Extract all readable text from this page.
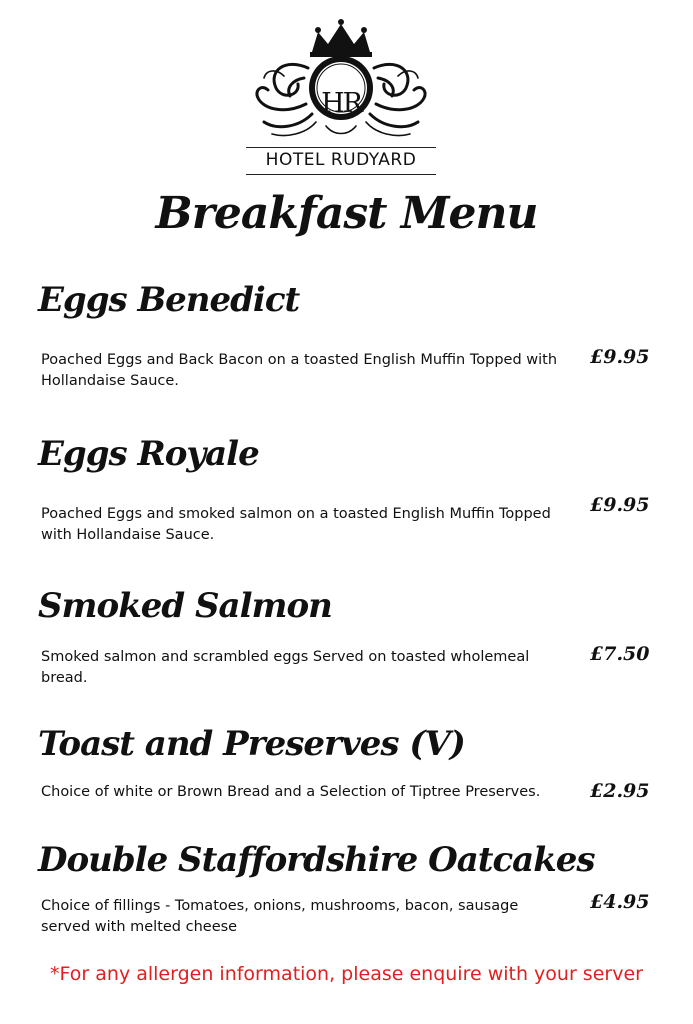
HR
HOTEL RUDYARD
Breakfast Menu
Eggs Benedict
Poached Eggs and Back Bacon on a toasted English Muffin Topped with Hollandaise Sauce.
£9.95
Eggs Royale
Poached Eggs and smoked salmon on a toasted English Muffin Topped with Hollandaise Sauce.
£9.95
Smoked Salmon
Smoked salmon and scrambled eggs Served on toasted wholemeal bread.
£7.50
Toast and Preserves (V)
Choice of white or Brown Bread and a Selection of Tiptree Preserves.	£2.95
Double Staffordshire Oatcakes
Choice of fillings - Tomatoes, onions, mushrooms, bacon, sausage served with melted cheese
£4.95
*For any allergen information, please enquire with your server
